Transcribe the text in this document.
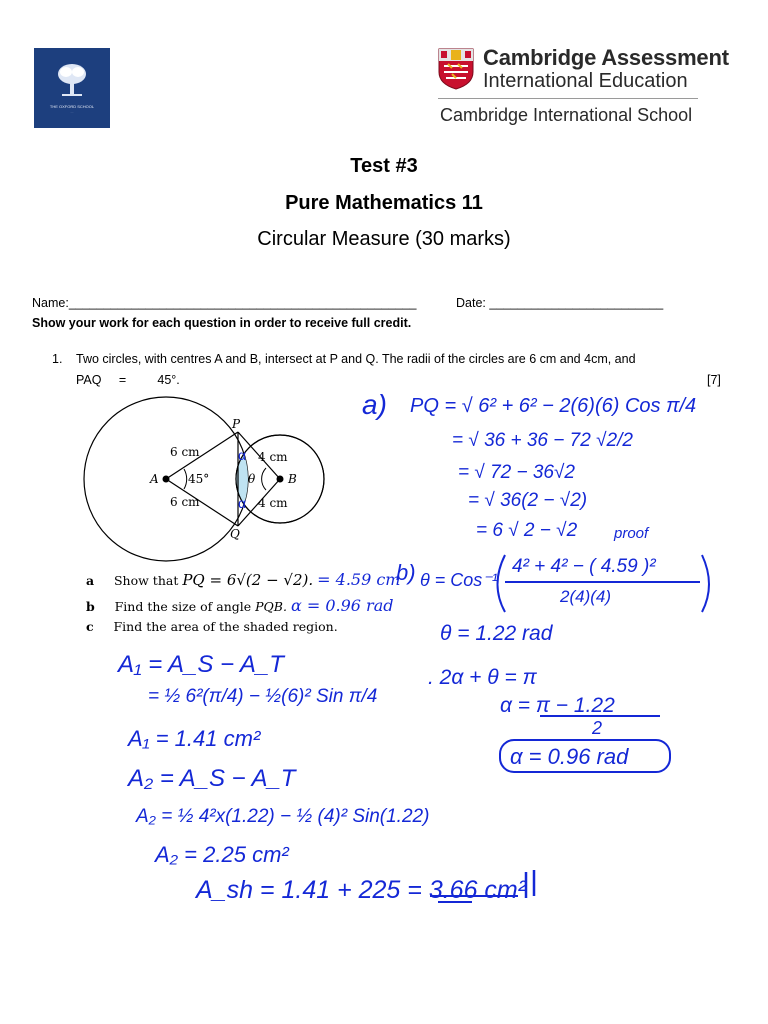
THE OXFORD SCHOOL
···
Cambridge Assessment
International Education
Cambridge International School
Test #3
Pure Mathematics 11
Circular Measure (30 marks)
Name:__________________________________________________	Date: _________________________
Show your work for each question in order to receive full credit.
1. Two circles, with centres A and B, intersect at P and Q. The radii of the circles are 6 cm and 4cm, and
PAQ     =         45°.	[7]
A	B
P
Q
45°	θ
6 cm
6 cm
4 cm
4 cm
α
α
a Show that PQ = 6√(2 − √2). = 4.59 cm
b Find the size of angle PQB. α = 0.96 rad
c Find the area of the shaded region.
a) PQ = √ 6² + 6² − 2(6)(6) Cos π/4
= √ 36 + 36 − 72 √2/2
= √ 72 − 36√2
= √ 36(2 − √2)
= 6 √ 2 − √2 proof
b) θ = Cos⁻¹
4² + 4² − ( 4.59 )²
2(4)(4)
θ = 1.22 rad
. 2α + θ = π
α = π − 1.22
2
α = 0.96 rad
A₁ = A_S − A_T
= ½ 6²(π/4) − ½(6)² Sin π/4
A₁ = 1.41 cm²
A₂ = A_S − A_T
A₂ = ½ 4²x(1.22) − ½ (4)² Sin(1.22)
A₂ = 2.25 cm²
A_sh = 1.41 + 225 = 3.66 cm²
